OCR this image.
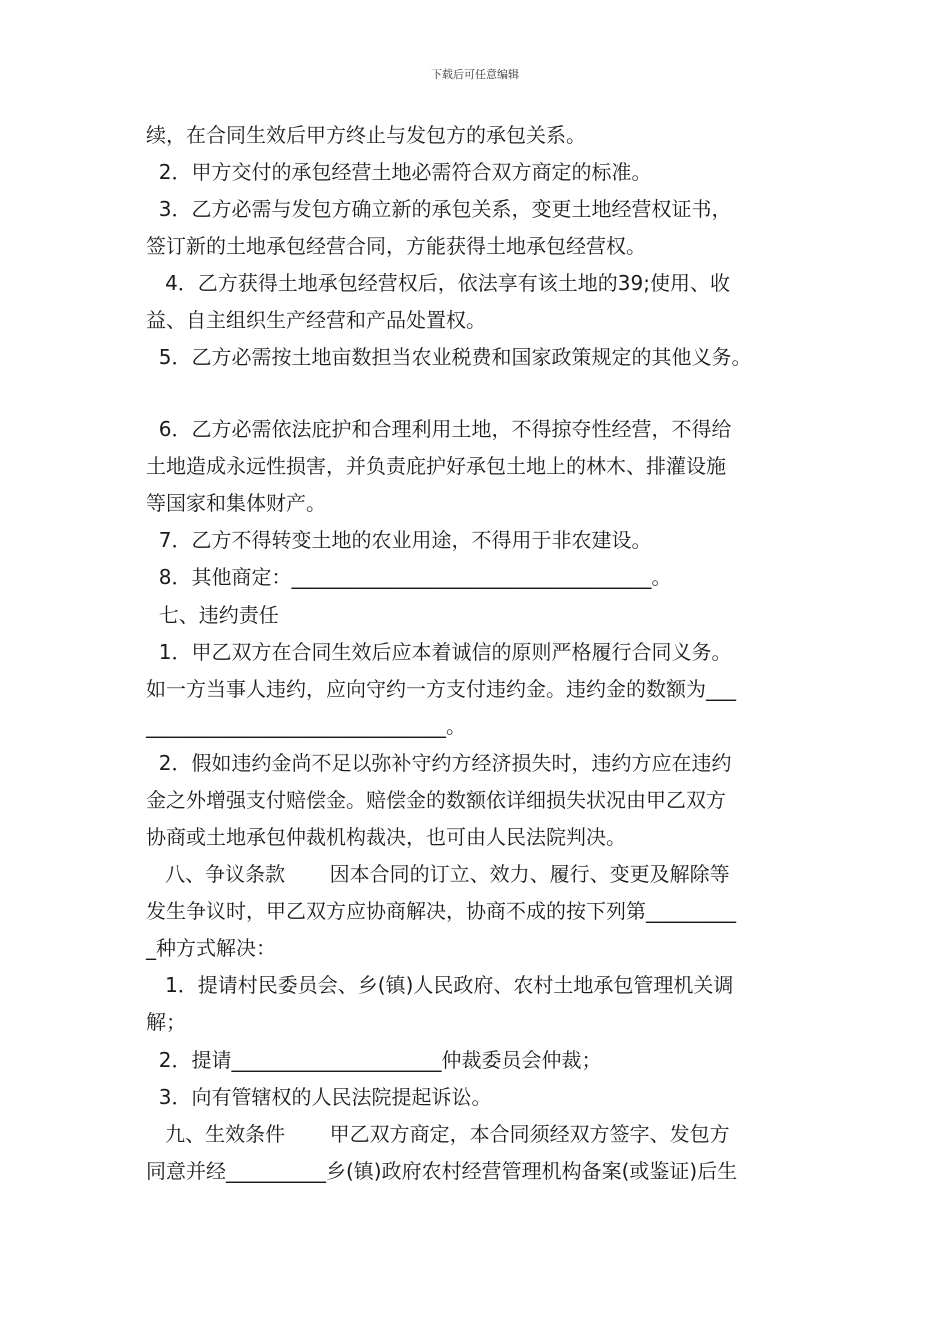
下载后可任意编辑
续，在合同生效后甲方终止与发包方的承包关系。
2．甲方交付的承包经营土地必需符合双方商定的标准。
3．乙方必需与发包方确立新的承包关系，变更土地经营权证书，
签订新的土地承包经营合同，方能获得土地承包经营权。
4．乙方获得土地承包经营权后，依法享有该土地的39;使用、收
益、自主组织生产经营和产品处置权。
5．乙方必需按土地亩数担当农业税费和国家政策规定的其他义务。
6．乙方必需依法庇护和合理利用土地，不得掠夺性经营，不得给
土地造成永远性损害，并负责庇护好承包土地上的林木、排灌设施
等国家和集体财产。
7．乙方不得转变土地的农业用途，不得用于非农建设。
8．其他商定：____________________________________。
七、违约责任
1．甲乙双方在合同生效后应本着诚信的原则严格履行合同义务。
如一方当事人违约，应向守约一方支付违约金。违约金的数额为___
______________________________。
2．假如违约金尚不足以弥补守约方经济损失时，违约方应在违约
金之外增强支付赔偿金。赔偿金的数额依详细损失状况由甲乙双方
协商或土地承包仲裁机构裁决，也可由人民法院判决。
八、争议条款       因本合同的订立、效力、履行、变更及解除等
发生争议时，甲乙双方应协商解决，协商不成的按下列第_________
_种方式解决：
1．提请村民委员会、乡(镇)人民政府、农村土地承包管理机关调
解；
2．提请_____________________仲裁委员会仲裁；
3．向有管辖权的人民法院提起诉讼。
九、生效条件       甲乙双方商定，本合同须经双方签字、发包方
同意并经__________乡(镇)政府农村经营管理机构备案(或鉴证)后生
